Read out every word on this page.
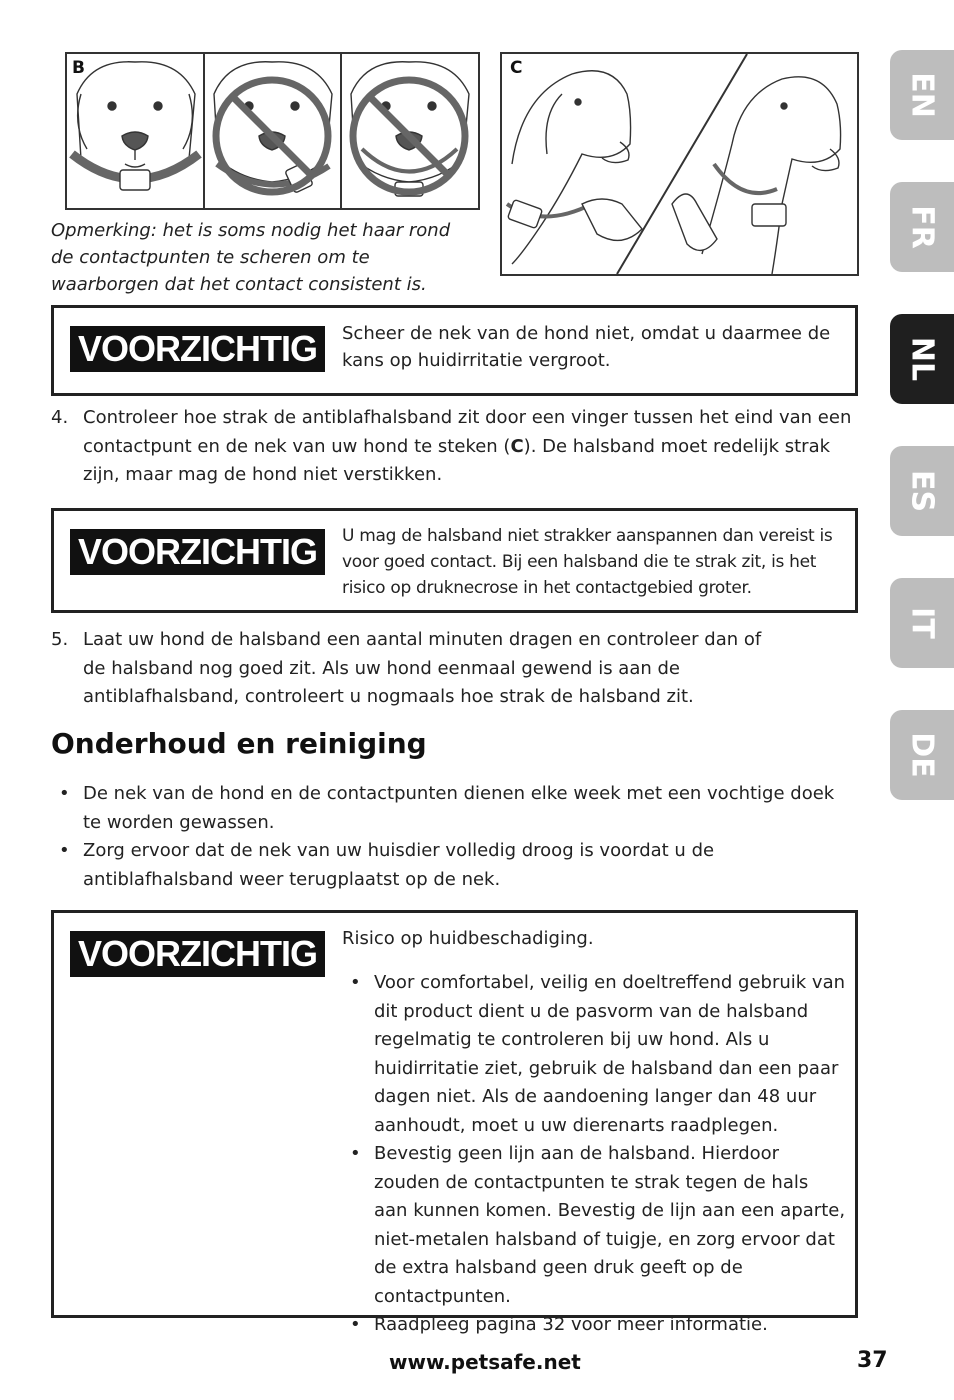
B	C
Opmerking: het is soms nodig het haar rond de contactpunten te scheren om te waarborgen dat het contact consistent is.
VOORZICHTIG	Scheer de nek van de hond niet, omdat u daarmee de kans op huidirritatie vergroot.
4. Controleer hoe strak de antiblafhalsband zit door een vinger tussen het eind van een contactpunt en de nek van uw hond te steken (C). De halsband moet redelijk strak zijn, maar mag de hond niet verstikken.
VOORZICHTIG	U mag de halsband niet strakker aanspannen dan vereist is voor goed contact. Bij een halsband die te strak zit, is het risico op druknecrose in het contactgebied groter.
5. Laat uw hond de halsband een aantal minuten dragen en controleer dan of de halsband nog goed zit. Als uw hond eenmaal gewend is aan de antiblafhalsband, controleert u nogmaals hoe strak de halsband zit.
Onderhoud en reiniging
• De nek van de hond en de contactpunten dienen elke week met een vochtige doek te worden gewassen.
• Zorg ervoor dat de nek van uw huisdier volledig droog is voordat u de antiblafhalsband weer terugplaatst op de nek.
VOORZICHTIG	Risico op huidbeschadiging.
• Voor comfortabel, veilig en doeltreffend gebruik van dit product dient u de pasvorm van de halsband regelmatig te controleren bij uw hond. Als u huidirritatie ziet, gebruik de halsband dan een paar dagen niet. Als de aandoening langer dan 48 uur aanhoudt, moet u uw dierenarts raadplegen.
• Bevestig geen lijn aan de halsband. Hierdoor zouden de contactpunten te strak tegen de hals aan kunnen komen. Bevestig de lijn aan een aparte, niet-metalen halsband of tuigje, en zorg ervoor dat de extra halsband geen druk geeft op de contactpunten.
• Raadpleeg pagina 32 voor meer informatie.
EN
FR
NL
ES
IT
DE
www.petsafe.net	37
